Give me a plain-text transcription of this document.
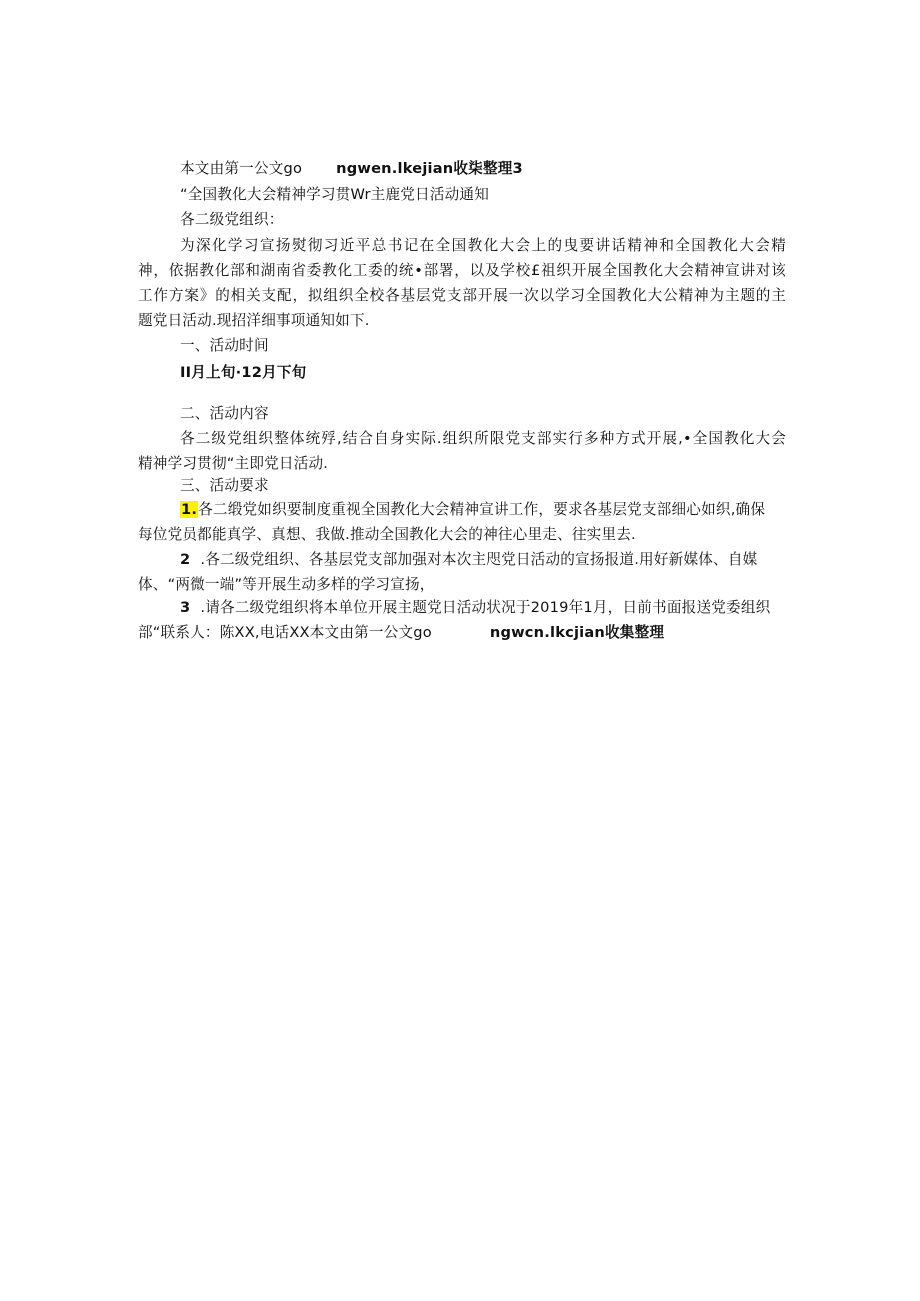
本文由第一公文go ngwen.lkejian收柒整理3
“全国教化大会精神学习贯Wr主鹿党日活动通知
各二级党组织：
为深化学习宣扬熨彻习近平总书记在全国教化大会上的曳要讲话精神和全国教化大会精
神，依据教化部和湖南省委教化工委的统•部署，以及学校£祖织开展全国教化大会精神宣讲对该
工作方案》的相关支配，拟组织全校各基层党支部开展一次以学习全国教化大公精神为主题的主
题党日活动.现招洋细事项通知如下.
一、活动时间
II月上旬·12月下旬
二、活动内容
各二级党组织整体统殍,结合自身实际.组织所限党支部实行多种方式开展,•全国教化大会
精神学习贯彻“主即党日活动.
三、活动要求
1.各二缎党如织要制度重视全国教化大会精神宣讲工作，要求各基层党支部细心如织,确保
每位党员都能真学、真想、我做.推动全国教化大会的神往心里走、往实里去.
2 .各二级党组织、各基层党支部加强对本次主咫党日活动的宣扬报道.用好新媒体、自媒
体、“两微一端”等开展生动多样的学习宣扬，
3 .请各二级党组织将本单位开展主题党日活动状况于2019年1月，日前书面报送党委组织
部“联系人：陈XX,电话XX本文由第一公文go	ngwcn.lkcjian收集整理
